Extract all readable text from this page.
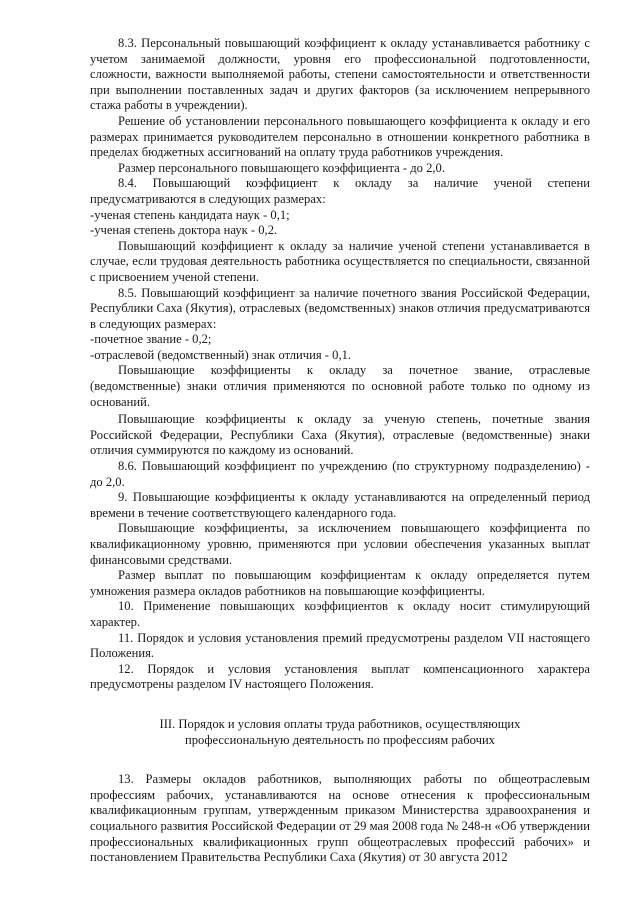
8.3. Персональный повышающий коэффициент к окладу устанавливается работнику с учетом занимаемой должности, уровня его профессиональной подготовленности, сложности, важности выполняемой работы, степени самостоятельности и ответственности при выполнении поставленных задач и других факторов (за исключением непрерывного стажа работы в учреждении).

Решение об установлении персонального повышающего коэффициента к окладу и его размерах принимается руководителем персонально в отношении конкретного работника в пределах бюджетных ассигнований на оплату труда работников учреждения.

Размер персонального повышающего коэффициента - до 2,0.

8.4. Повышающий коэффициент к окладу за наличие ученой степени предусматриваются в следующих размерах:

-ученая степень кандидата наук - 0,1;

-ученая степень доктора наук - 0,2.

Повышающий коэффициент к окладу за наличие ученой степени устанавливается в случае, если трудовая деятельность работника осуществляется по специальности, связанной с присвоением ученой степени.

8.5. Повышающий коэффициент за наличие почетного звания Российской Федерации, Республики Саха (Якутия), отраслевых (ведомственных) знаков отличия предусматриваются в следующих размерах:

-почетное звание - 0,2;

-отраслевой (ведомственный) знак отличия - 0,1.

Повышающие коэффициенты к окладу за почетное звание, отраслевые (ведомственные) знаки отличия применяются по основной работе только по одному из оснований.

Повышающие коэффициенты к окладу за ученую степень, почетные звания Российской Федерации, Республики Саха (Якутия), отраслевые (ведомственные) знаки отличия суммируются по каждому из оснований.

8.6. Повышающий коэффициент по учреждению (по структурному подразделению) - до 2,0.

9. Повышающие коэффициенты к окладу устанавливаются на определенный период времени в течение соответствующего календарного года.

Повышающие коэффициенты, за исключением повышающего коэффициента по квалификационному уровню, применяются при условии обеспечения указанных выплат финансовыми средствами.

Размер выплат по повышающим коэффициентам к окладу определяется путем умножения размера окладов работников на повышающие коэффициенты.

10. Применение повышающих коэффициентов к окладу носит стимулирующий характер.

11. Порядок и условия установления премий предусмотрены разделом VII настоящего Положения.

12. Порядок и условия установления выплат компенсационного характера предусмотрены разделом IV настоящего Положения.

III. Порядок и условия оплаты труда работников, осуществляющих профессиональную деятельность по профессиям рабочих

13. Размеры окладов работников, выполняющих работы по общеотраслевым профессиям рабочих, устанавливаются на основе отнесения к профессиональным квалификационным группам, утвержденным приказом Министерства здравоохранения и социального развития Российской Федерации от 29 мая 2008 года № 248-н «Об утверждении профессиональных квалификационных групп общеотраслевых профессий рабочих» и постановлением Правительства Республики Саха (Якутия) от 30 августа 2012
